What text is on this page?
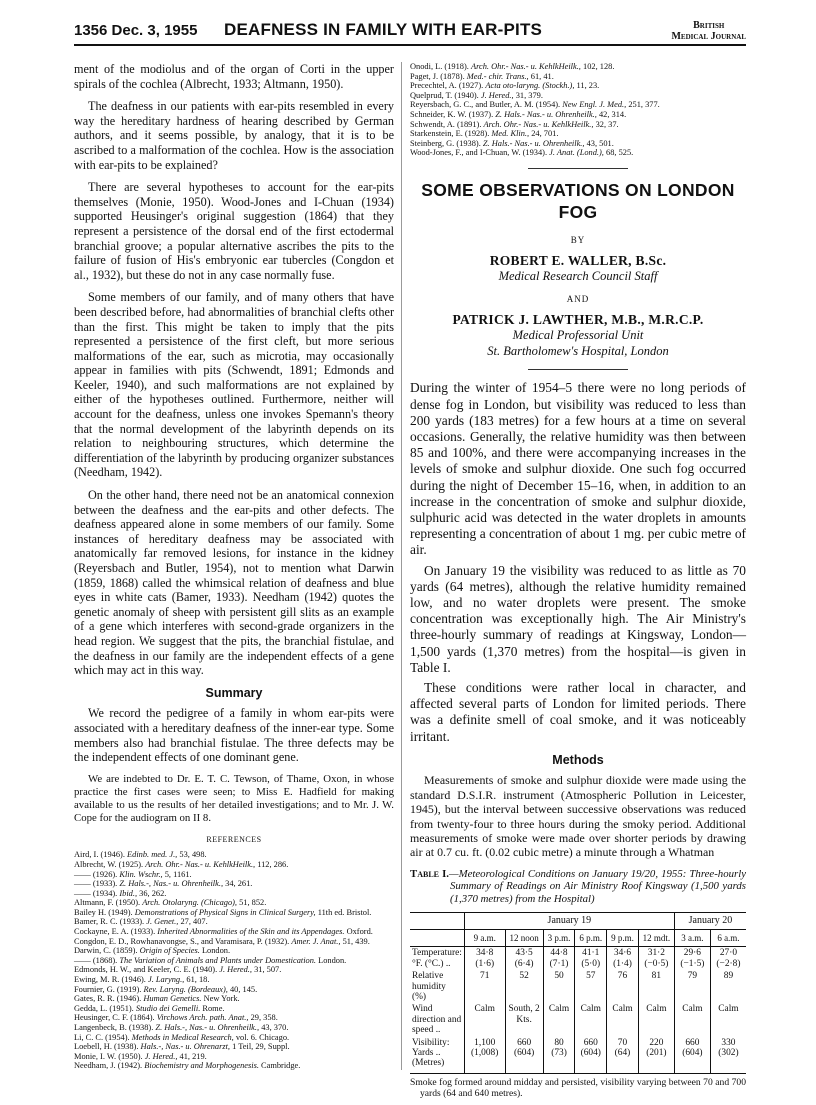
1356 Dec. 3, 1955 DEAFNESS IN FAMILY WITH EAR-PITS	British
Medical Journal

ment of the modiolus and of the organ of Corti in the upper spirals of the cochlea (Albrecht, 1933; Altmann, 1950).

The deafness in our patients with ear-pits resembled in every way the hereditary hardness of hearing described by German authors, and it seems possible, by analogy, that it is to be ascribed to a malformation of the cochlea. How is the association with ear-pits to be explained?

There are several hypotheses to account for the ear-pits themselves (Monie, 1950). Wood-Jones and I-Chuan (1934) supported Heusinger's original suggestion (1864) that they represent a persistence of the dorsal end of the first ectodermal branchial groove; a popular alternative ascribes the pits to the failure of fusion of His's embryonic ear tubercles (Congdon et al., 1932), but these do not in any case normally fuse.

Some members of our family, and of many others that have been described before, had abnormalities of branchial clefts other than the first. This might be taken to imply that the pits represented a persistence of the first cleft, but more serious malformations of the ear, such as microtia, may occasionally appear in families with pits (Schwendt, 1891; Edmonds and Keeler, 1940), and such malformations are not explained by either of the hypotheses outlined. Furthermore, neither will account for the deafness, unless one invokes Spemann's theory that the normal development of the labyrinth depends on its relation to neighbouring structures, which determine the differentiation of the labyrinth by producing organizer substances (Needham, 1942).

On the other hand, there need not be an anatomical connexion between the deafness and the ear-pits and other defects. The deafness appeared alone in some members of our family. Some instances of hereditary deafness may be associated with anatomically far removed lesions, for instance in the kidney (Reyersbach and Butler, 1954), not to mention what Darwin (1859, 1868) called the whimsical relation of deafness and blue eyes in white cats (Bamer, 1933). Needham (1942) quotes the genetic anomaly of sheep with persistent gill slits as an example of a gene which interferes with second-grade organizers in the head region. We suggest that the pits, the branchial fistulae, and the deafness in our family are the independent effects of a gene which may act in this way.

Summary

We record the pedigree of a family in whom ear-pits were associated with a hereditary deafness of the inner-ear type. Some members also had branchial fistulae. The three defects may be the independent effects of one dominant gene.

We are indebted to Dr. E. T. C. Tewson, of Thame, Oxon, in whose practice the first cases were seen; to Miss E. Hadfield for making available to us the results of her detailed investigations; and to Mr. J. W. Cope for the audiogram on II 8.

REFERENCES
Aird, I. (1946). Edinb. med. J., 53, 498.
Albrecht, W. (1925). Arch. Ohr.- Nas.- u. KehlkHeilk., 112, 286.
—— (1926). Klin. Wschr., 5, 1161.
—— (1933). Z. Hals.-, Nas.- u. Ohrenheilk., 34, 261.
—— (1934). Ibid., 36, 262.
Altmann, F. (1950). Arch. Otolaryng. (Chicago), 51, 852.
Bailey H. (1949). Demonstrations of Physical Signs in Clinical Surgery, 11th ed. Bristol.
Bamer, R. C. (1933). J. Genet., 27, 407.
Cockayne, E. A. (1933). Inherited Abnormalities of the Skin and its Appendages. Oxford.
Congdon, E. D., Rowhanavongse, S., and Varamisara, P. (1932). Amer. J. Anat., 51, 439.
Darwin, C. (1859). Origin of Species. London.
—— (1868). The Variation of Animals and Plants under Domestication. London.
Edmonds, H. W., and Keeler, C. E. (1940). J. Hered., 31, 507.
Ewing, M. R. (1946). J. Laryng., 61, 18.
Fournier, G. (1919). Rev. Laryng. (Bordeaux), 40, 145.
Gates, R. R. (1946). Human Genetics. New York.
Gedda, L. (1951). Studio dei Gemelli. Rome.
Heusinger, C. F. (1864). Virchows Arch. path. Anat., 29, 358.
Langenbeck, B. (1938). Z. Hals.-, Nas.- u. Ohrenheilk., 43, 370.
Li, C. C. (1954). Methods in Medical Research, vol. 6. Chicago.
Loebell, H. (1938). Hals.-, Nas.- u. Ohrenarzt, 1 Teil, 29, Suppl.
Monie, I. W. (1950). J. Hered., 41, 219.
Needham, J. (1942). Biochemistry and Morphogenesis. Cambridge.
Onodi, L. (1918). Arch. Ohr.- Nas.- u. KehlkHeilk., 102, 128.
Paget, J. (1878). Med.- chir. Trans., 61, 41.
Precechtel, A. (1927). Acta oto-laryng. (Stockh.), 11, 23.
Quelprud, T. (1940). J. Hered., 31, 379.
Reyersbach, G. C., and Butler, A. M. (1954). New Engl. J. Med., 251, 377.
Schneider, K. W. (1937). Z. Hals.- Nas.- u. Ohrenheilk., 42, 314.
Schwendt, A. (1891). Arch. Ohr.- Nas.- u. KehlkHeilk., 32, 37.
Starkenstein, E. (1928). Med. Klin., 24, 701.
Steinberg, G. (1938). Z. Hals.- Nas.- u. Ohrenheilk., 43, 501.
Wood-Jones, F., and I-Chuan, W. (1934). J. Anat. (Lond.), 68, 525.
SOME OBSERVATIONS ON LONDON FOG
BY
ROBERT E. WALLER, B.Sc.
Medical Research Council Staff
AND
PATRICK J. LAWTHER, M.B., M.R.C.P.
Medical Professorial Unit
St. Bartholomew's Hospital, London

During the winter of 1954–5 there were no long periods of dense fog in London, but visibility was reduced to less than 200 yards (183 metres) for a few hours at a time on several occasions. Generally, the relative humidity was then between 85 and 100%, and there were accompanying increases in the levels of smoke and sulphur dioxide. One such fog occurred during the night of December 15–16, when, in addition to an increase in the concentration of smoke and sulphur dioxide, sulphuric acid was detected in the water droplets in amounts representing a concentration of about 1 mg. per cubic metre of air.

On January 19 the visibility was reduced to as little as 70 yards (64 metres), although the relative humidity remained low, and no water droplets were present. The smoke concentration was exceptionally high. The Air Ministry's three-hourly summary of readings at Kingsway, London—1,500 yards (1,370 metres) from the hospital—is given in Table I.

These conditions were rather local in character, and affected several parts of London for limited periods. There was a definite smell of coal smoke, and it was noticeably irritant.

Methods

Measurements of smoke and sulphur dioxide were made using the standard D.S.I.R. instrument (Atmospheric Pollution in Leicester, 1945), but the interval between successive observations was reduced from twenty-four to three hours during the smoky period. Additional measurements of smoke were made over shorter periods by drawing air at 0.7 cu. ft. (0.02 cubic metre) a minute through a Whatman

Table I.—Meteorological Conditions on January 19/20, 1955: Three-hourly Summary of Readings on Air Ministry Roof Kingsway (1,500 yards (1,370 metres) from the Hospital)
	January 19						January 20	
	9 a.m.	12 noon	3 p.m.	6 p.m.	9 p.m.	12 mdt.	3 a.m.	6 a.m.
Temperature: °F. (°C.) ..	34·8 (1·6)	43·5 (6·4)	44·8 (7·1)	41·1 (5·0)	34·6 (1·4)	31·2 (−0·5)	29·6 (−1·5)	27·0 (−2·8)
Relative humidity (%)	71	52	50	57	76	81	79	89
Wind direction and speed ..	Calm	South, 2 Kts.	Calm	Calm	Calm	Calm	Calm	Calm
Visibility: Yards .. (Metres)	1,100 (1,008)	660 (604)	80 (73)	660 (604)	70 (64)	220 (201)	660 (604)	330 (302)
Smoke fog formed around midday and persisted, visibility varying between 70 and 700 yards (64 and 640 metres).
